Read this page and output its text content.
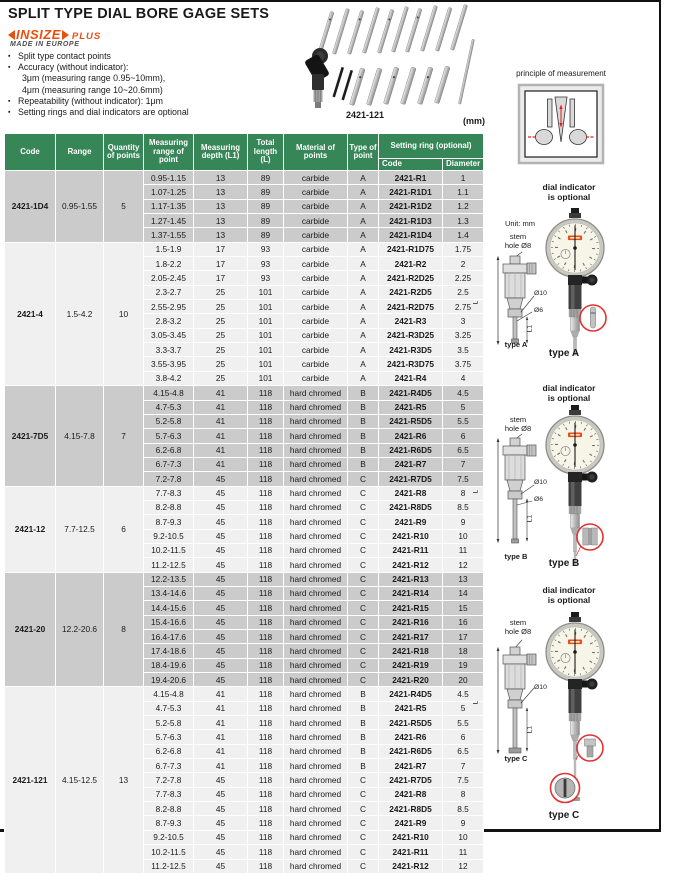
SPLIT TYPE DIAL BORE GAGE SETS
INSIZE PLUS
MADE IN EUROPE
▪ Split type contact points
▪ Accuracy (without indicator):
3μm (measuring range 0.95~10mm),
4μm (measuring range 10~20.6mm)
▪ Repeatability (without indicator): 1μm
▪ Setting rings and dial indicators are optional	2421-121
(mm)
Code	Range	Quantity of points	Measuring range of point	Measuring depth (L1)	Total length (L)	Material of points	Type of point	Setting ring (optional)	
								Code	Diameter
2421-1D4	0.95-1.55	5	0.95-1.15	13	89	carbide	A	2421-R1	1
			1.07-1.25	13	89	carbide	A	2421-R1D1	1.1
			1.17-1.35	13	89	carbide	A	2421-R1D2	1.2
			1.27-1.45	13	89	carbide	A	2421-R1D3	1.3
			1.37-1.55	13	89	carbide	A	2421-R1D4	1.4
2421-4	1.5-4.2	10	1.5-1.9	17	93	carbide	A	2421-R1D75	1.75
			1.8-2.2	17	93	carbide	A	2421-R2	2
			2.05-2.45	17	93	carbide	A	2421-R2D25	2.25
			2.3-2.7	25	101	carbide	A	2421-R2D5	2.5
			2.55-2.95	25	101	carbide	A	2421-R2D75	2.75
			2.8-3.2	25	101	carbide	A	2421-R3	3
			3.05-3.45	25	101	carbide	A	2421-R3D25	3.25
			3.3-3.7	25	101	carbide	A	2421-R3D5	3.5
			3.55-3.95	25	101	carbide	A	2421-R3D75	3.75
			3.8-4.2	25	101	carbide	A	2421-R4	4
2421-7D5	4.15-7.8	7	4.15-4.8	41	118	hard chromed	B	2421-R4D5	4.5
			4.7-5.3	41	118	hard chromed	B	2421-R5	5
			5.2-5.8	41	118	hard chromed	B	2421-R5D5	5.5
			5.7-6.3	41	118	hard chromed	B	2421-R6	6
			6.2-6.8	41	118	hard chromed	B	2421-R6D5	6.5
			6.7-7.3	41	118	hard chromed	B	2421-R7	7
			7.2-7.8	45	118	hard chromed	C	2421-R7D5	7.5
2421-12	7.7-12.5	6	7.7-8.3	45	118	hard chromed	C	2421-R8	8
			8.2-8.8	45	118	hard chromed	C	2421-R8D5	8.5
			8.7-9.3	45	118	hard chromed	C	2421-R9	9
			9.2-10.5	45	118	hard chromed	C	2421-R10	10
			10.2-11.5	45	118	hard chromed	C	2421-R11	11
			11.2-12.5	45	118	hard chromed	C	2421-R12	12
2421-20	12.2-20.6	8	12.2-13.5	45	118	hard chromed	C	2421-R13	13
			13.4-14.6	45	118	hard chromed	C	2421-R14	14
			14.4-15.6	45	118	hard chromed	C	2421-R15	15
			15.4-16.6	45	118	hard chromed	C	2421-R16	16
			16.4-17.6	45	118	hard chromed	C	2421-R17	17
			17.4-18.6	45	118	hard chromed	C	2421-R18	18
			18.4-19.6	45	118	hard chromed	C	2421-R19	19
			19.4-20.6	45	118	hard chromed	C	2421-R20	20
2421-121	4.15-12.5	13	4.15-4.8	41	118	hard chromed	B	2421-R4D5	4.5
			4.7-5.3	41	118	hard chromed	B	2421-R5	5
			5.2-5.8	41	118	hard chromed	B	2421-R5D5	5.5
			5.7-6.3	41	118	hard chromed	B	2421-R6	6
			6.2-6.8	41	118	hard chromed	B	2421-R6D5	6.5
			6.7-7.3	41	118	hard chromed	B	2421-R7	7
			7.2-7.8	45	118	hard chromed	C	2421-R7D5	7.5
			7.7-8.3	45	118	hard chromed	C	2421-R8	8
			8.2-8.8	45	118	hard chromed	C	2421-R8D5	8.5
			8.7-9.3	45	118	hard chromed	C	2421-R9	9
			9.2-10.5	45	118	hard chromed	C	2421-R10	10
			10.2-11.5	45	118	hard chromed	C	2421-R11	11
			11.2-12.5	45	118	hard chromed	C	2421-R12	12
principle of measurement
dial indicator
is optional
Unit: mm
stem
hole Ø8
L
Ø10
Ø6
L1
type A
type A
dial indicator
is optional
stem
hole Ø8
L
Ø10
Ø6
L1
type B
type B
dial indicator
is optional
stem
hole Ø8
L
Ø10
L1
type C
type C
